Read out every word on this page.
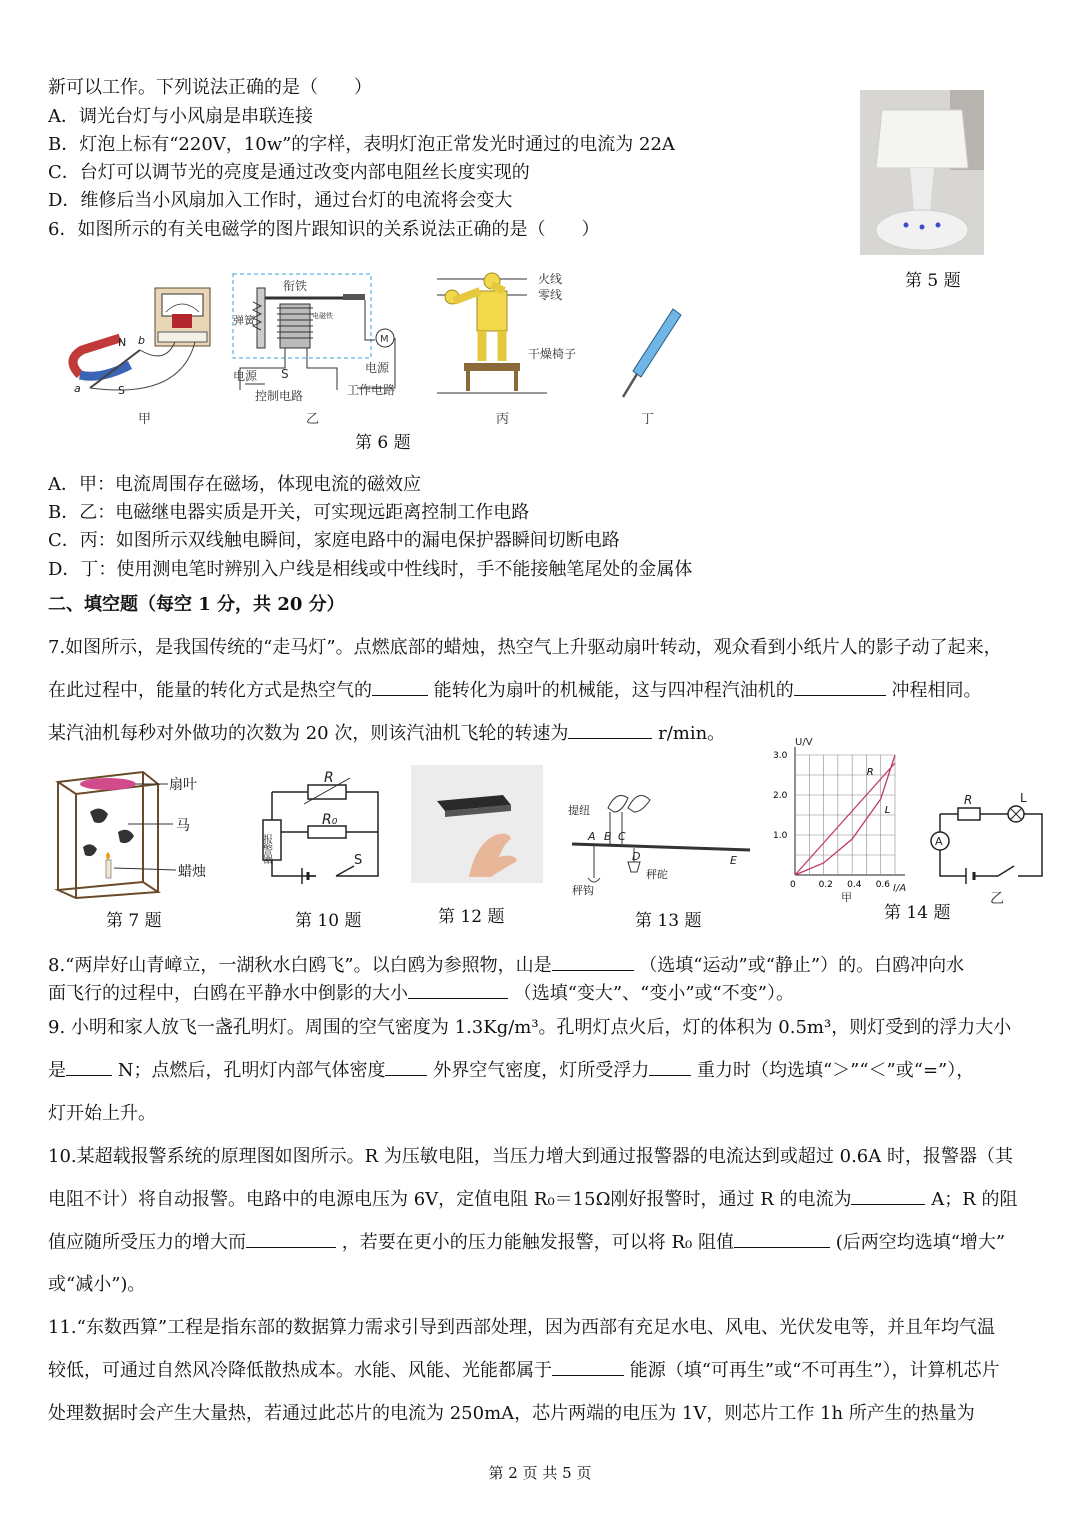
新可以工作。下列说法正确的是（　　）
A．调光台灯与小风扇是串联连接
B．灯泡上标有“220V，10w”的字样，表明灯泡正常发光时通过的电流为 22A
C．台灯可以调节光的亮度是通过改变内部电阻丝长度实现的
D．维修后当小风扇加入工作时，通过台灯的电流将会变大
6．如图所示的有关电磁学的图片跟知识的关系说法正确的是（　　）
第 5 题
N b
a	S
M
衔铁
弹簧	电磁铁
电源 S
控制电路
电源
工作电路
火线
零线
干燥椅子
甲	乙	丙	丁
第 6 题
A．甲：电流周围存在磁场，体现电流的磁效应
B．乙：电磁继电器实质是开关，可实现远距离控制工作电路
C．丙：如图所示双线触电瞬间，家庭电路中的漏电保护器瞬间切断电路
D．丁：使用测电笔时辨别入户线是相线或中性线时，手不能接触笔尾处的金属体
二、填空题（每空 1 分，共 20 分）
7.如图所示，是我国传统的“走马灯”。点燃底部的蜡烛，热空气上升驱动扇叶转动，观众看到小纸片人的影子动了起来，
在此过程中，能量的转化方式是热空气的	能转化为扇叶的机械能，这与四冲程汽油机的	冲程相同。
某汽油机每秒对外做功的次数为 20 次，则该汽油机飞轮的转速为	r/min。
扇叶
马
蜡烛
第 7 题
R
R₀
报警器	S
第 10 题	第 12 题
提纽
A B C
D	E
秤钩
秤砣
第 13 题
U/V
I/A
0	0.2 0.4 0.6
1.0
2.0
3.0
R
L
甲
R	L
A
第 14 题
乙
8.“两岸好山青嶂立，一湖秋水白鸥飞”。以白鸥为参照物，山是	（选填“运动”或“静止”）的。白鸥冲向水
面飞行的过程中，白鸥在平静水中倒影的大小	（选填“变大”、“变小”或“不变”）。
9. 小明和家人放飞一盏孔明灯。周围的空气密度为 1.3Kg/m³。孔明灯点火后，灯的体积为 0.5m³，则灯受到的浮力大小
是	N；点燃后，孔明灯内部气体密度	外界空气密度，灯所受浮力	重力时（均选填“＞”“＜”或“=”），
灯开始上升。
10.某超载报警系统的原理图如图所示。R 为压敏电阻，当压力增大到通过报警器的电流达到或超过 0.6A 时，报警器（其
电阻不计）将自动报警。电路中的电源电压为 6V，定值电阻 R₀＝15Ω刚好报警时，通过 R 的电流为	A；R 的阻
值应随所受压力的增大而	，若要在更小的压力能触发报警，可以将 R₀ 阻值	(后两空均选填“增大”
或“减小”)。
11.“东数西算”工程是指东部的数据算力需求引导到西部处理，因为西部有充足水电、风电、光伏发电等，并且年均气温
较低，可通过自然风冷降低散热成本。水能、风能、光能都属于	能源（填“可再生”或“不可再生”），计算机芯片
处理数据时会产生大量热，若通过此芯片的电流为 250mA，芯片两端的电压为 1V，则芯片工作 1h 所产生的热量为
第 2 页 共 5 页
